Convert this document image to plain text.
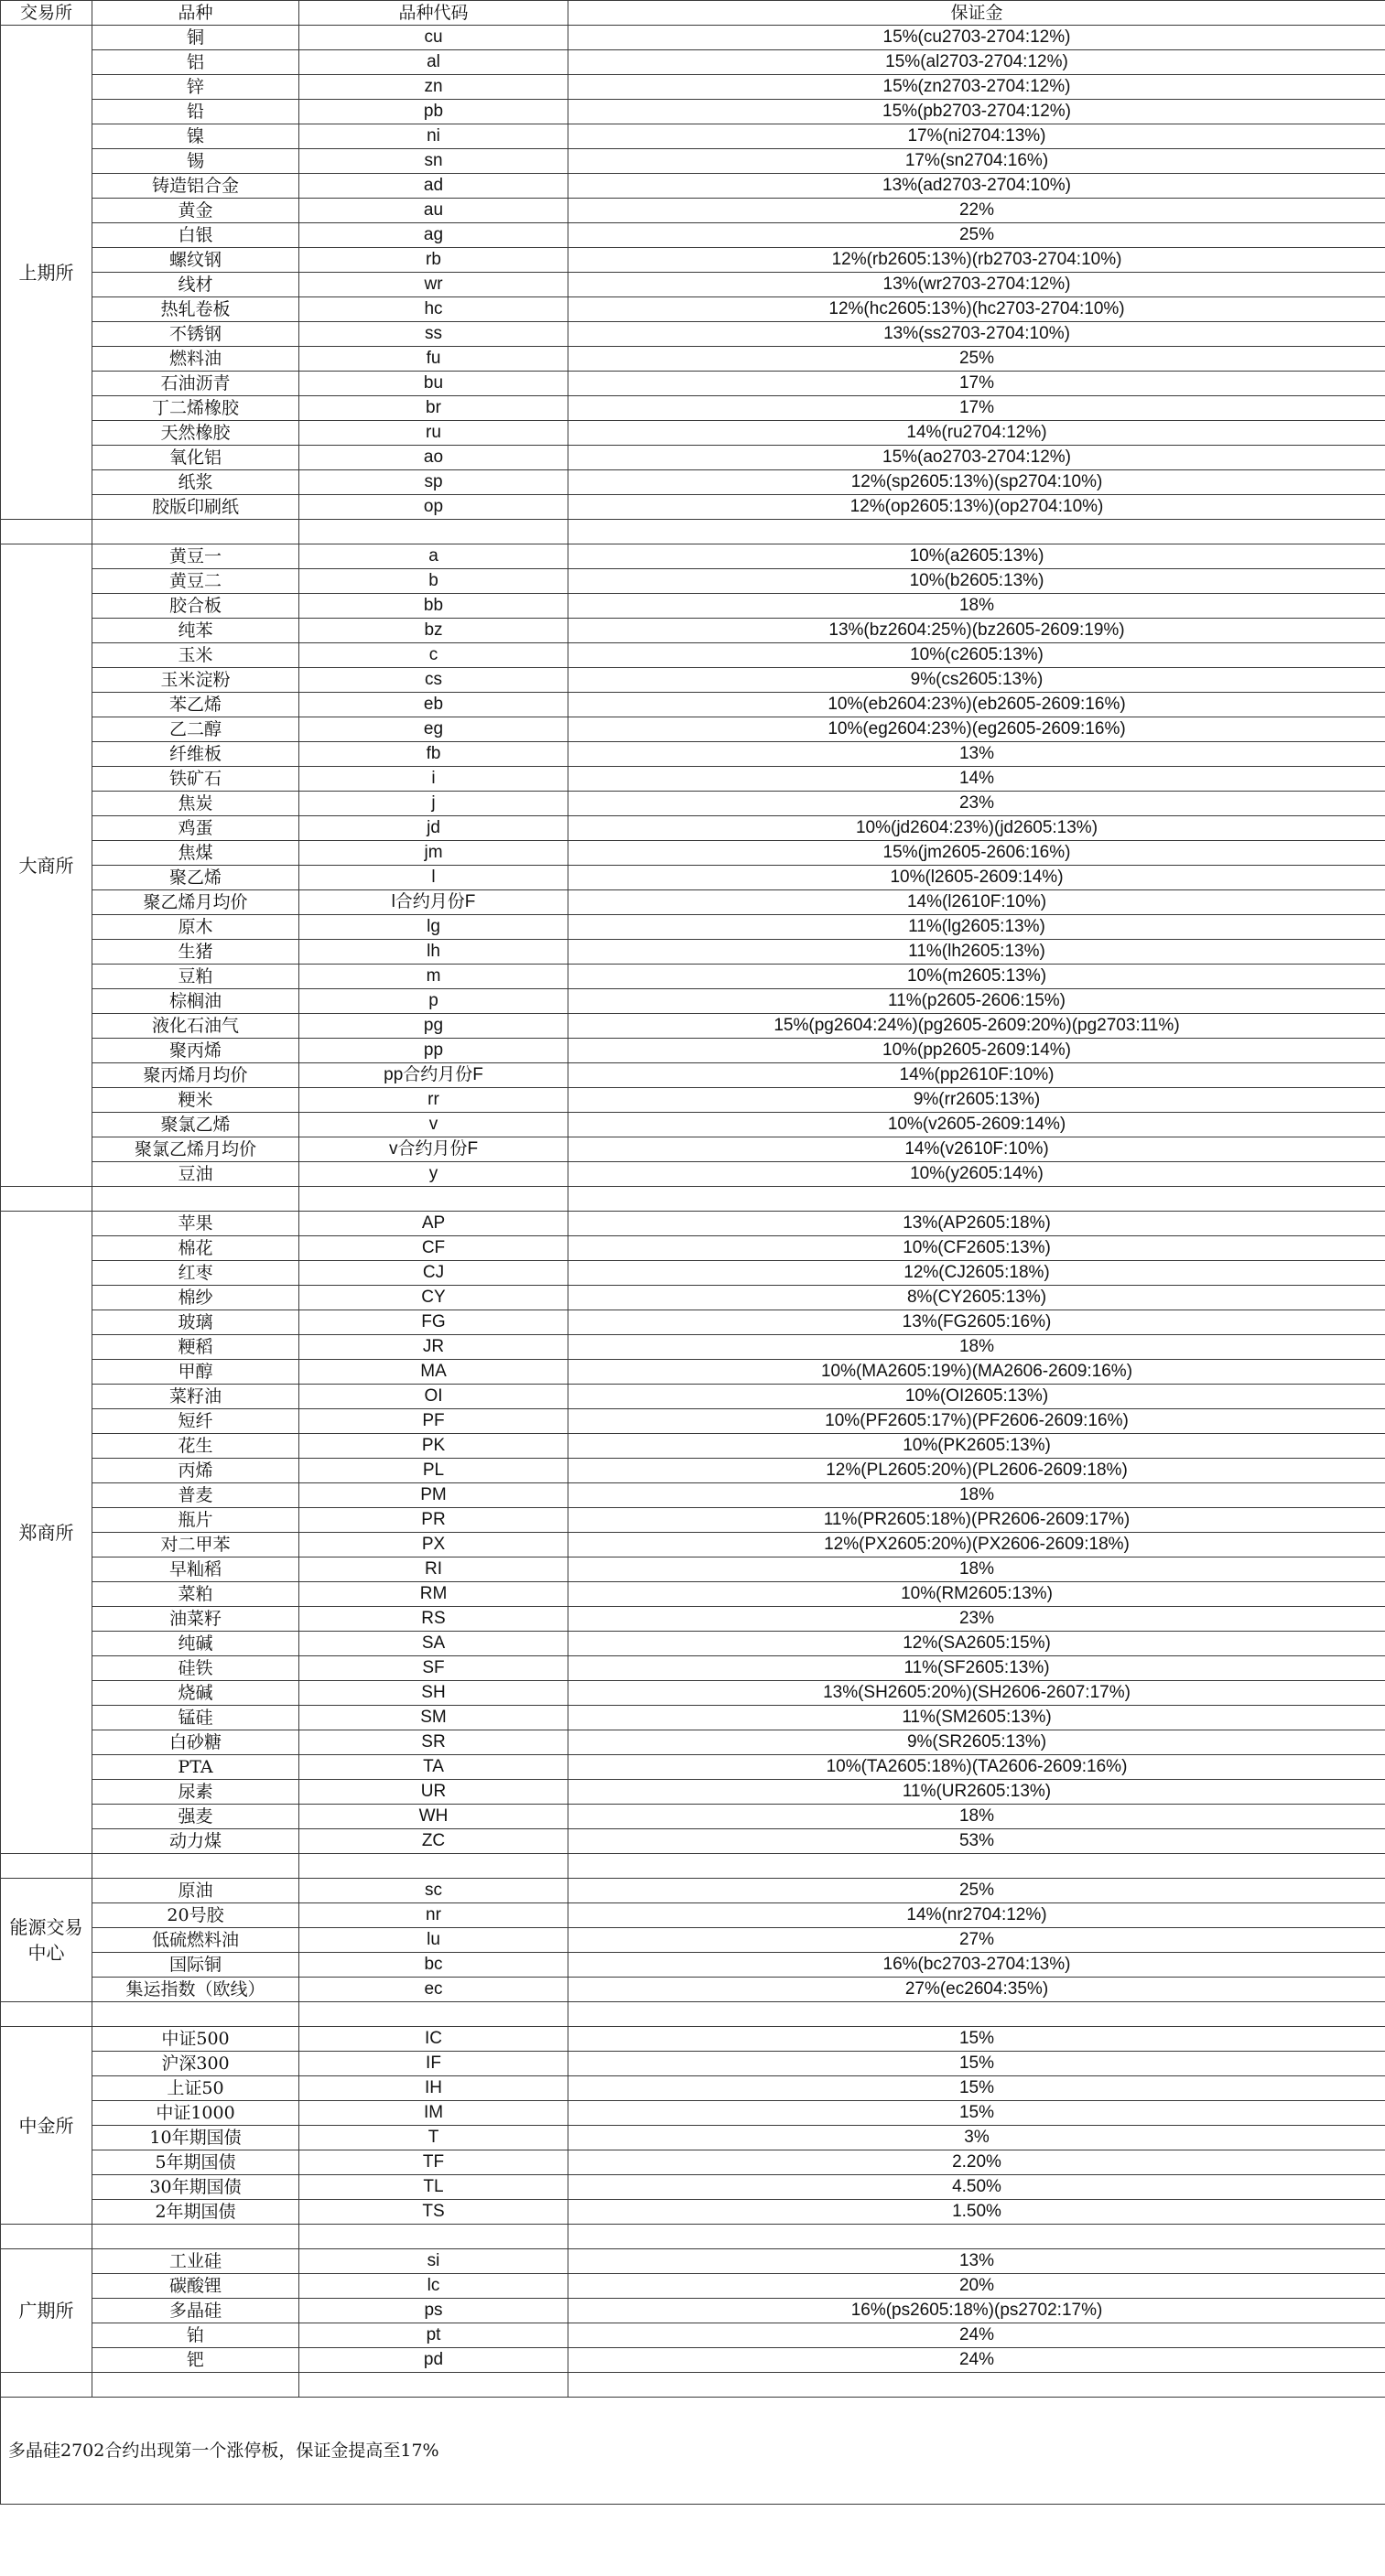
交易所	品种	品种代码	保证金
上期所	铜	cu	15%(cu2703-2704:12%)
	铝	al	15%(al2703-2704:12%)
	锌	zn	15%(zn2703-2704:12%)
	铅	pb	15%(pb2703-2704:12%)
	镍	ni	17%(ni2704:13%)
	锡	sn	17%(sn2704:16%)
	铸造铝合金	ad	13%(ad2703-2704:10%)
	黄金	au	22%
	白银	ag	25%
	螺纹钢	rb	12%(rb2605:13%)(rb2703-2704:10%)
	线材	wr	13%(wr2703-2704:12%)
	热轧卷板	hc	12%(hc2605:13%)(hc2703-2704:10%)
	不锈钢	ss	13%(ss2703-2704:10%)
	燃料油	fu	25%
	石油沥青	bu	17%
	丁二烯橡胶	br	17%
	天然橡胶	ru	14%(ru2704:12%)
	氧化铝	ao	15%(ao2703-2704:12%)
	纸浆	sp	12%(sp2605:13%)(sp2704:10%)
	胶版印刷纸	op	12%(op2605:13%)(op2704:10%)

大商所	黄豆一	a	10%(a2605:13%)
	黄豆二	b	10%(b2605:13%)
	胶合板	bb	18%
	纯苯	bz	13%(bz2604:25%)(bz2605-2609:19%)
	玉米	c	10%(c2605:13%)
	玉米淀粉	cs	9%(cs2605:13%)
	苯乙烯	eb	10%(eb2604:23%)(eb2605-2609:16%)
	乙二醇	eg	10%(eg2604:23%)(eg2605-2609:16%)
	纤维板	fb	13%
	铁矿石	i	14%
	焦炭	j	23%
	鸡蛋	jd	10%(jd2604:23%)(jd2605:13%)
	焦煤	jm	15%(jm2605-2606:16%)
	聚乙烯	l	10%(l2605-2609:14%)
	聚乙烯月均价	l合约月份F	14%(l2610F:10%)
	原木	lg	11%(lg2605:13%)
	生猪	lh	11%(lh2605:13%)
	豆粕	m	10%(m2605:13%)
	棕榈油	p	11%(p2605-2606:15%)
	液化石油气	pg	15%(pg2604:24%)(pg2605-2609:20%)(pg2703:11%)
	聚丙烯	pp	10%(pp2605-2609:14%)
	聚丙烯月均价	pp合约月份F	14%(pp2610F:10%)
	粳米	rr	9%(rr2605:13%)
	聚氯乙烯	v	10%(v2605-2609:14%)
	聚氯乙烯月均价	v合约月份F	14%(v2610F:10%)
	豆油	y	10%(y2605:14%)

郑商所	苹果	AP	13%(AP2605:18%)
	棉花	CF	10%(CF2605:13%)
	红枣	CJ	12%(CJ2605:18%)
	棉纱	CY	8%(CY2605:13%)
	玻璃	FG	13%(FG2605:16%)
	粳稻	JR	18%
	甲醇	MA	10%(MA2605:19%)(MA2606-2609:16%)
	菜籽油	OI	10%(OI2605:13%)
	短纤	PF	10%(PF2605:17%)(PF2606-2609:16%)
	花生	PK	10%(PK2605:13%)
	丙烯	PL	12%(PL2605:20%)(PL2606-2609:18%)
	普麦	PM	18%
	瓶片	PR	11%(PR2605:18%)(PR2606-2609:17%)
	对二甲苯	PX	12%(PX2605:20%)(PX2606-2609:18%)
	早籼稻	RI	18%
	菜粕	RM	10%(RM2605:13%)
	油菜籽	RS	23%
	纯碱	SA	12%(SA2605:15%)
	硅铁	SF	11%(SF2605:13%)
	烧碱	SH	13%(SH2605:20%)(SH2606-2607:17%)
	锰硅	SM	11%(SM2605:13%)
	白砂糖	SR	9%(SR2605:13%)
	PTA	TA	10%(TA2605:18%)(TA2606-2609:16%)
	尿素	UR	11%(UR2605:13%)
	强麦	WH	18%
	动力煤	ZC	53%

能源交易中心	原油	sc	25%
	20号胶	nr	14%(nr2704:12%)
	低硫燃料油	lu	27%
	国际铜	bc	16%(bc2703-2704:13%)
	集运指数（欧线）	ec	27%(ec2604:35%)

中金所	中证500	IC	15%
	沪深300	IF	15%
	上证50	IH	15%
	中证1000	IM	15%
	10年期国债	T	3%
	5年期国债	TF	2.20%
	30年期国债	TL	4.50%
	2年期国债	TS	1.50%

广期所	工业硅	si	13%
	碳酸锂	lc	20%
	多晶硅	ps	16%(ps2605:18%)(ps2702:17%)
	铂	pt	24%
	钯	pd	24%

多晶硅2702合约出现第一个涨停板，保证金提高至17%			
